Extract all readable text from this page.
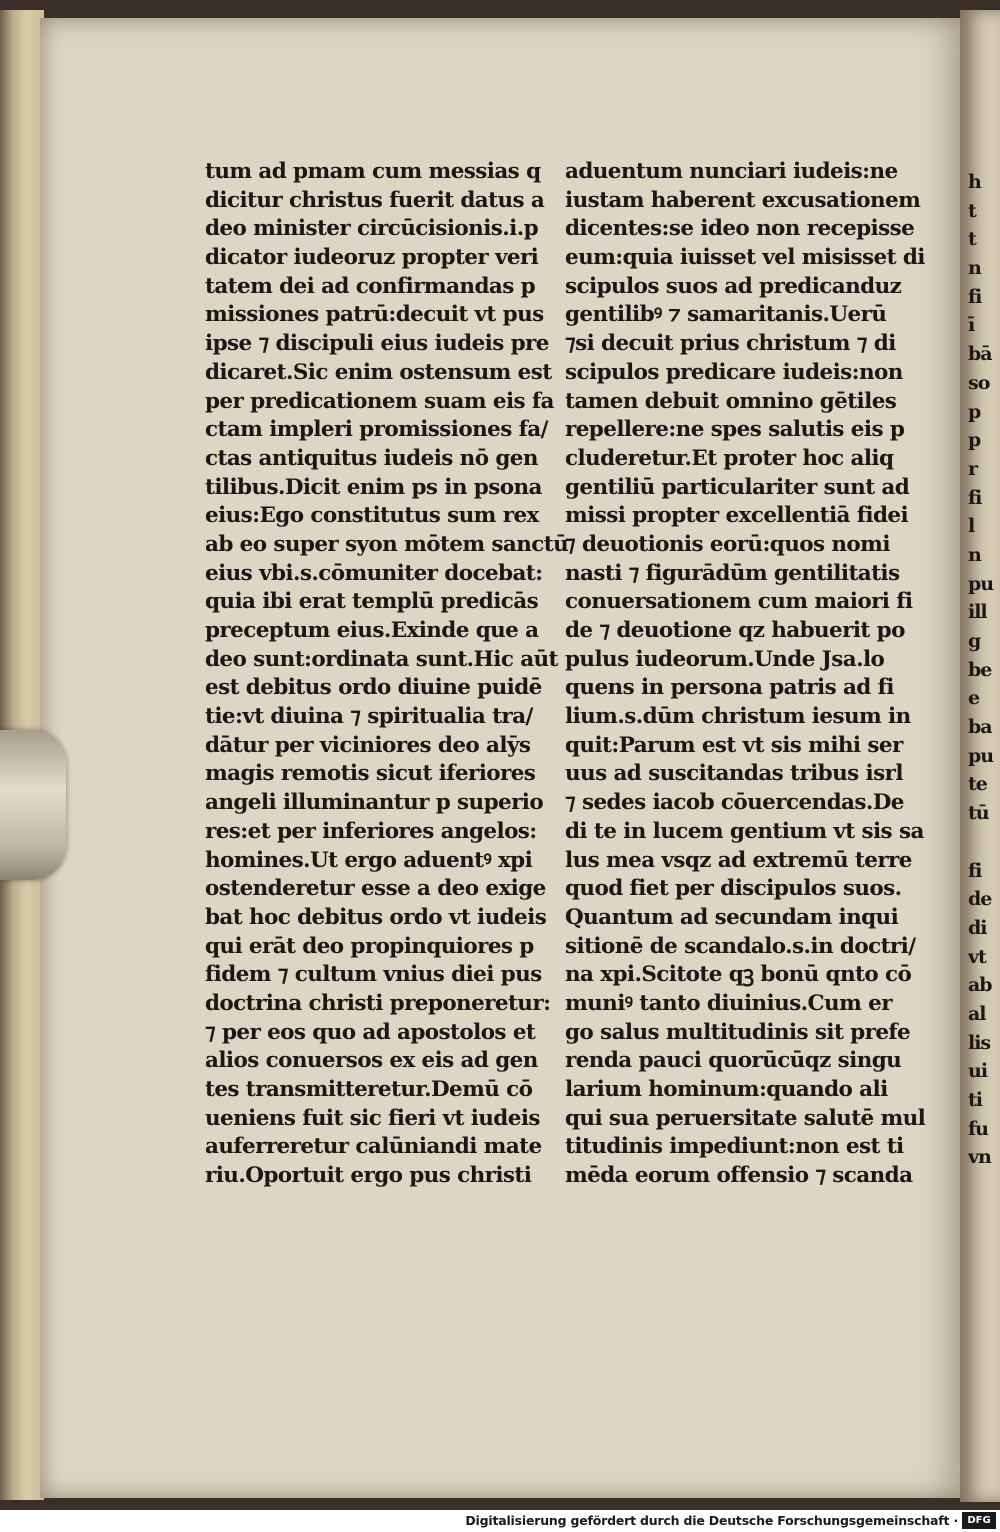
h
t
t
n
fi
ī
bā
so
p
p
r
fi
l
n
pu
ill
g
be
e
ba
pu
te
tū
fi
de
di
vt
ab
al
lis
ui
ti
fu
vn
tum ad pmam cum messias q
dicitur christus fuerit datus a
deo minister circūcisionis.i.p
dicator iudeoruz propter veri
tatem dei ad confirmandas p
missiones patrū:decuit vt pus
ipse ⁊ discipuli eius iudeis pre
dicaret.Sic enim ostensum est
per predicationem suam eis fa
ctam impleri promissiones fa/
ctas antiquitus iudeis nō gen
tilibus.Dicit enim ps in psona
eius:Ego constitutus sum rex
ab eo super syon mōtem sanctū
eius vbi.s.cōmuniter docebat:
quia ibi erat templū predicās
preceptum eius.Exinde que a
deo sunt:ordinata sunt.Hic aūt
est debitus ordo diuine puidē
tie:vt diuina ⁊ spiritualia tra/
dātur per viciniores deo alȳs
magis remotis sicut iferiores
angeli illuminantur p superio
res:et per inferiores angelos:
homines.Ut ergo aduentꝰ xpi
ostenderetur esse a deo exige
bat hoc debitus ordo vt iudeis
qui erāt deo propinquiores p
fidem ⁊ cultum vnius diei pus
doctrina christi preponeretur:
⁊ per eos quo ad apostolos et
alios conuersos ex eis ad gen
tes transmitteretur.Demū cō
ueniens fuit sic fieri vt iudeis
auferreretur calūniandi mate
riu.Oportuit ergo pus christi
aduentum nunciari iudeis:ne
iustam haberent excusationem
dicentes:se ideo non recepisse
eum:quia iuisset vel misisset di
scipulos suos ad predicanduz
gentilibꝰ ⁊ samaritanis.Uerū
⁊si decuit prius christum ⁊ di
scipulos predicare iudeis:non
tamen debuit omnino gētiles
repellere:ne spes salutis eis p
cluderetur.Et proter hoc aliq
gentiliū particulariter sunt ad
missi propter excellentiā fidei
⁊ deuotionis eorū:quos nomi
nasti ⁊ figurādūm gentilitatis
conuersationem cum maiori fi
de ⁊ deuotione qz habuerit po
pulus iudeorum.Unde Jsa.lo
quens in persona patris ad fi
lium.s.dūm christum iesum in
quit:Parum est vt sis mihi ser
uus ad suscitandas tribus isrl
⁊ sedes iacob cōuercendas.De
di te in lucem gentium vt sis sa
lus mea vsqz ad extremū terre
quod fiet per discipulos suos.
Quantum ad secundam inqui
sitionē de scandalo.s.in doctri/
na xpi.Scitote qꝫ bonū qnto cō
muniꝰ tanto diuinius.Cum er
go salus multitudinis sit prefe
renda pauci quorūcūqz singu
larium hominum:quando ali
qui sua peruersitate salutē mul
titudinis impediunt:non est ti
mēda eorum offensio ⁊ scanda
Digitalisierung gefördert durch die Deutsche Forschungsgemeinschaft · DFG
